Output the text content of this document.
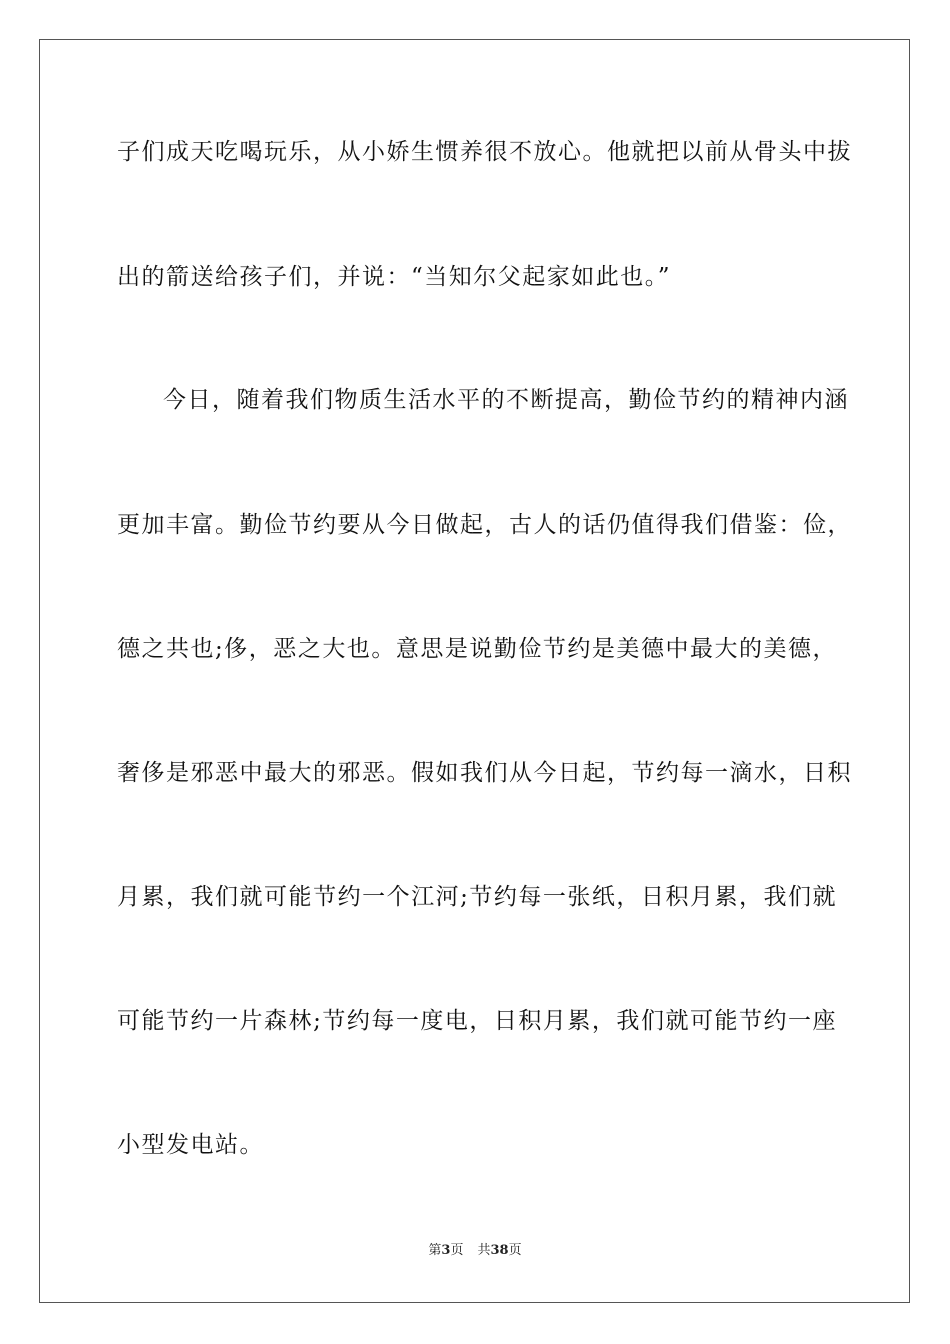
子们成天吃喝玩乐，从小娇生惯养很不放心。他就把以前从骨头中拔
出的箭送给孩子们，并说：“当知尔父起家如此也。”
今日，随着我们物质生活水平的不断提高，勤俭节约的精神内涵
更加丰富。勤俭节约要从今日做起，古人的话仍值得我们借鉴：俭，
德之共也;侈，恶之大也。意思是说勤俭节约是美德中最大的美德，
奢侈是邪恶中最大的邪恶。假如我们从今日起，节约每一滴水，日积
月累，我们就可能节约一个江河;节约每一张纸，日积月累，我们就
可能节约一片森林;节约每一度电，日积月累，我们就可能节约一座
小型发电站。
第3页 共38页
